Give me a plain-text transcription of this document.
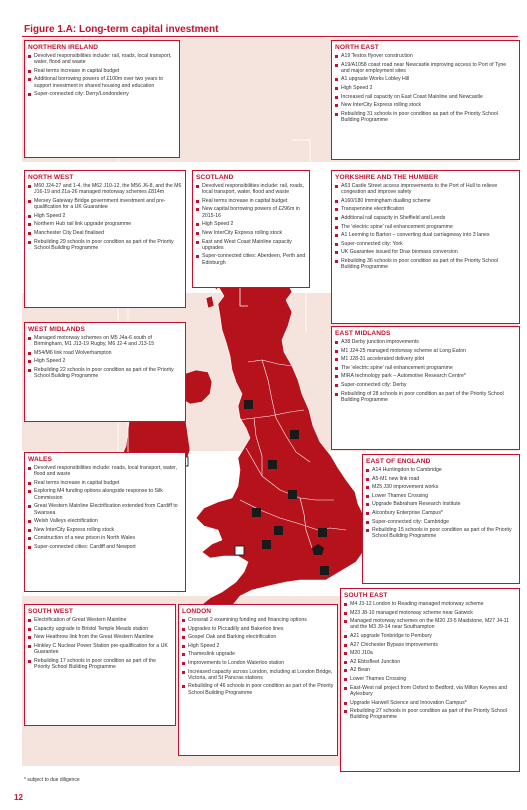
Figure 1.A: Long-term capital investment
NORTHERN IRELAND
Devolved responsibilities include: rail, roads, local transport, water, flood and waste
Real terms increase in capital budget
Additional borrowing powers of £100m over two years to support investment in shared housing and education
Super-connected city: Derry/Londonderry
NORTH EAST
A19 Testos flyover construction
A19/A1058 coast road near Newcastle improving access to Port of Tyne and major employment sites
A1 upgrade Works Lobley Hill
High Speed 2
Increased rail capacity on East Coast Mainline and Newcastle
New InterCity Express rolling stock
Rebuilding 31 schools in poor condition as part of the Priority School Building Programme
NORTH WEST
M60 J24-27 and 1-4, the M62 J10-12, the M56 J6-8, and the M6 J16-19 and 21a-26 managed motorway schemes £814m
Mersey Gateway Bridge government investment and pre-qualification for a UK Guarantee
High Speed 2
Northern Hub rail link upgrade programme
Manchester City Deal finalised
Rebuilding 29 schools in poor condition as part of the Priority School Building Programme
SCOTLAND
Devolved responsibilities include: rail, roads, local transport, water, flood and waste
Real terms increase in capital budget
New capital borrowing powers of £296m in 2015-16
High Speed 2
New InterCity Express rolling stock
East and West Coast Mainline capacity upgrades
Super-connected cities: Aberdeen, Perth and Edinburgh
YORKSHIRE AND THE HUMBER
A63 Castle Street access improvements to the Port of Hull to relieve congestion and improve safety
A160/180 Immingham dualling scheme
Transpennine electrification
Additional rail capacity in Sheffield and Leeds
The 'electric spine' rail enhancement programme
A1 Leeming to Barton – converting dual carriageway into 3 lanes
Super-connected city: York
UK Guarantee issued for Drax biomass conversion
Rebuilding 36 schools in poor condition as part of the Priority School Building Programme
WEST MIDLANDS
Managed motorway schemes on M5 J4a-6 south of Birmingham, M1 J13-19 Rugby, M6 J2-4 and J13-15
M54/M6 link road Wolverhampton
High Speed 2
Rebuilding 22 schools in poor condition as part of the Priority School Building Programme
EAST MIDLANDS
A38 Derby junction improvements
M1 J24-25 managed motorway scheme at Long Eaton
M1 J28-31 accelerated delivery pilot
The 'electric spine' rail enhancement programme
MIRA technology park – Automotive Research Centre*
Super-connected city: Derby
Rebuilding of 28 schools in poor condition as part of the Priority School Building Programme
WALES
Devolved responsibilities include: roads, local transport, water, flood and waste
Real terms increase in capital budget
Exploring M4 funding options alongside response to Silk Commission
Great Western Mainline Electrification extended from Cardiff to Swansea
Welsh Valleys electrification
New InterCity Express rolling stock
Construction of a new prison in North Wales
Super-connected cities: Cardiff and Newport
EAST OF ENGLAND
A14 Huntingdon to Cambridge
A5-M1 new link road
M25 J30 improvement works
Lower Thames Crossing
Upgrade Babraham Research Institute
Alconbury Enterprise Campus*
Super-connected city: Cambridge
Rebuilding 15 schools in poor condition as part of the Priority School Building Programme
SOUTH WEST
Electrification of Great Western Mainline
Capacity upgrade to Bristol Temple Meads station
New Heathrow link from the Great Western Mainline
Hinkley C Nuclear Power Station pre-qualification for a UK Guarantee
Rebuilding 17 schools in poor condition as part of the Priority School Building Programme
LONDON
Crossrail 2 examining funding and financing options
Upgrades to Piccadilly and Bakerloo lines
Gospel Oak and Barking electrification
High Speed 2
Thameslink upgrade
Improvements to London Waterloo station
Increased capacity across London, including at London Bridge, Victoria, and St Pancras stations
Rebuilding of 46 schools in poor condition as part of the Priority School Building Programme
SOUTH EAST
M4 J3-12 London to Reading managed motorway scheme
M23 J8-10 managed motorway scheme near Gatwick
Managed motorway schemes on the M20 J3-5 Maidstone, M27 J4-11 and the M3 J9-14 near Southampton
A21 upgrade Tonbridge to Pembury
A27 Chichester Bypass improvements
M20 J10a
A2 Ebbsfleet Junction
A2 Bean
Lower Thames Crossing
East-West rail project from Oxford to Bedford, via Milton Keynes and Aylesbury
Upgrade Harwell Science and Innovation Campus*
Rebuilding 27 schools in poor condition as part of the Priority School Building Programme
* subject to due diligence
12
